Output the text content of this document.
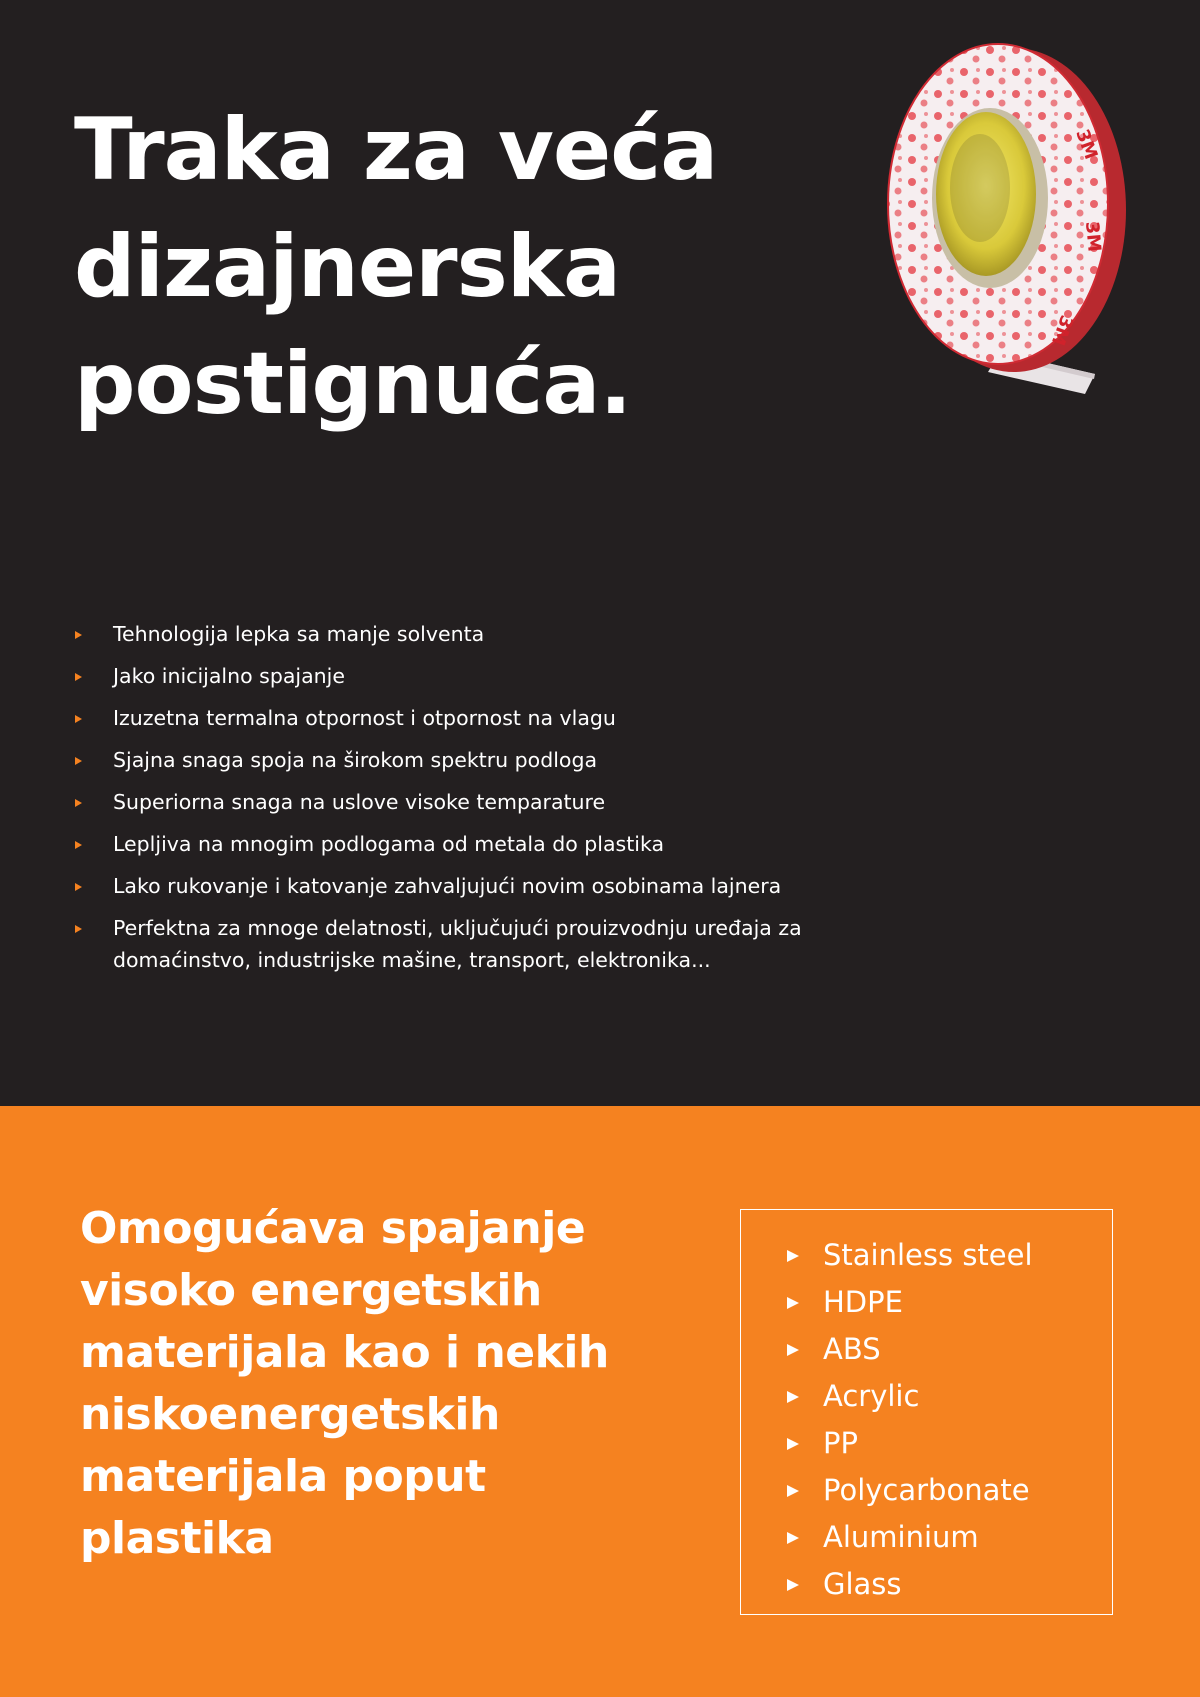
Traka za veća
dizajnerska
postignuća.
3M
3M
3M
Tehnologija lepka sa manje solventa
Jako inicijalno spajanje
Izuzetna termalna otpornost i otpornost na vlagu
Sjajna snaga spoja na širokom spektru podloga
Superiorna snaga na uslove visoke temparature
Lepljiva na mnogim podlogama od metala do plastika
Lako rukovanje i katovanje zahvaljujući novim osobinama lajnera
Perfektna za mnoge delatnosti, uključujući prouizvodnju uređaja za domaćinstvo, industrijske mašine, transport, elektronika...
Omogućava spajanje
visoko energetskih
materijala kao i nekih
niskoenergetskih
materijala poput
plastika
Stainless steel
HDPE
ABS
Acrylic
PP
Polycarbonate
Aluminium
Glass
